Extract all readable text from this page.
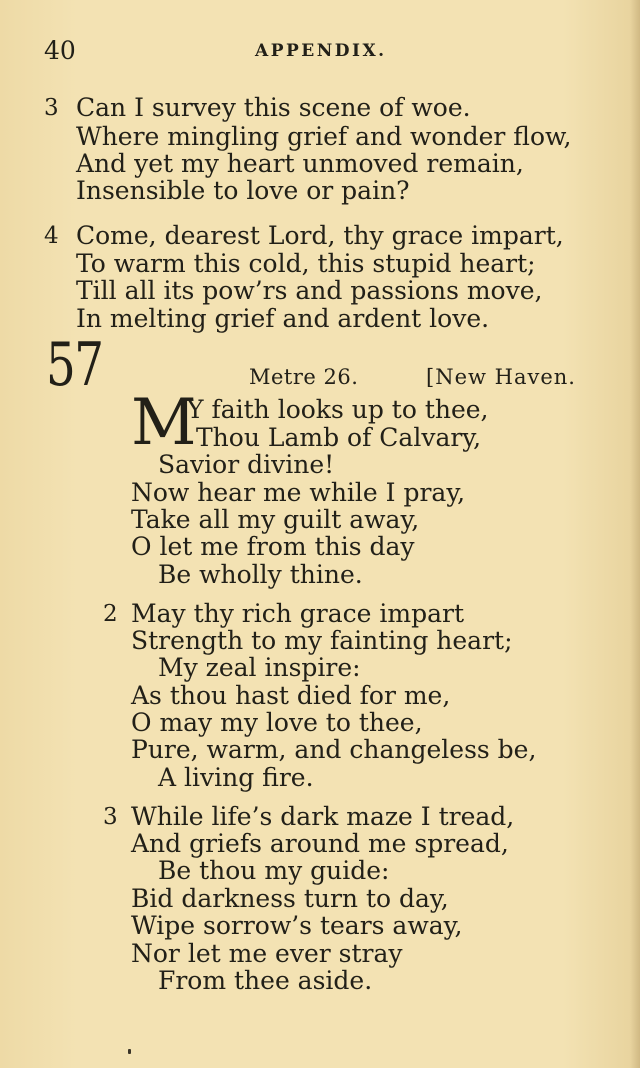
40	APPENDIX.
3 Can I survey this scene of woe.
Where mingling grief and wonder flow,
And yet my heart unmoved remain,
Insensible to love or pain?
4 Come, dearest Lord, thy grace impart,
To warm this cold, this stupid heart;
Till all its pow’rs and passions move,
In melting grief and ardent love.
57	Metre 26.	[New Haven.
M
Y faith looks up to thee,
Thou Lamb of Calvary,
Savior divine!
Now hear me while I pray,
Take all my guilt away,
O let me from this day
Be wholly thine.
2 May thy rich grace impart
Strength to my fainting heart;
My zeal inspire:
As thou hast died for me,
O may my love to thee,
Pure, warm, and changeless be,
A living fire.
3 While life’s dark maze I tread,
And griefs around me spread,
Be thou my guide:
Bid darkness turn to day,
Wipe sorrow’s tears away,
Nor let me ever stray
From thee aside.
